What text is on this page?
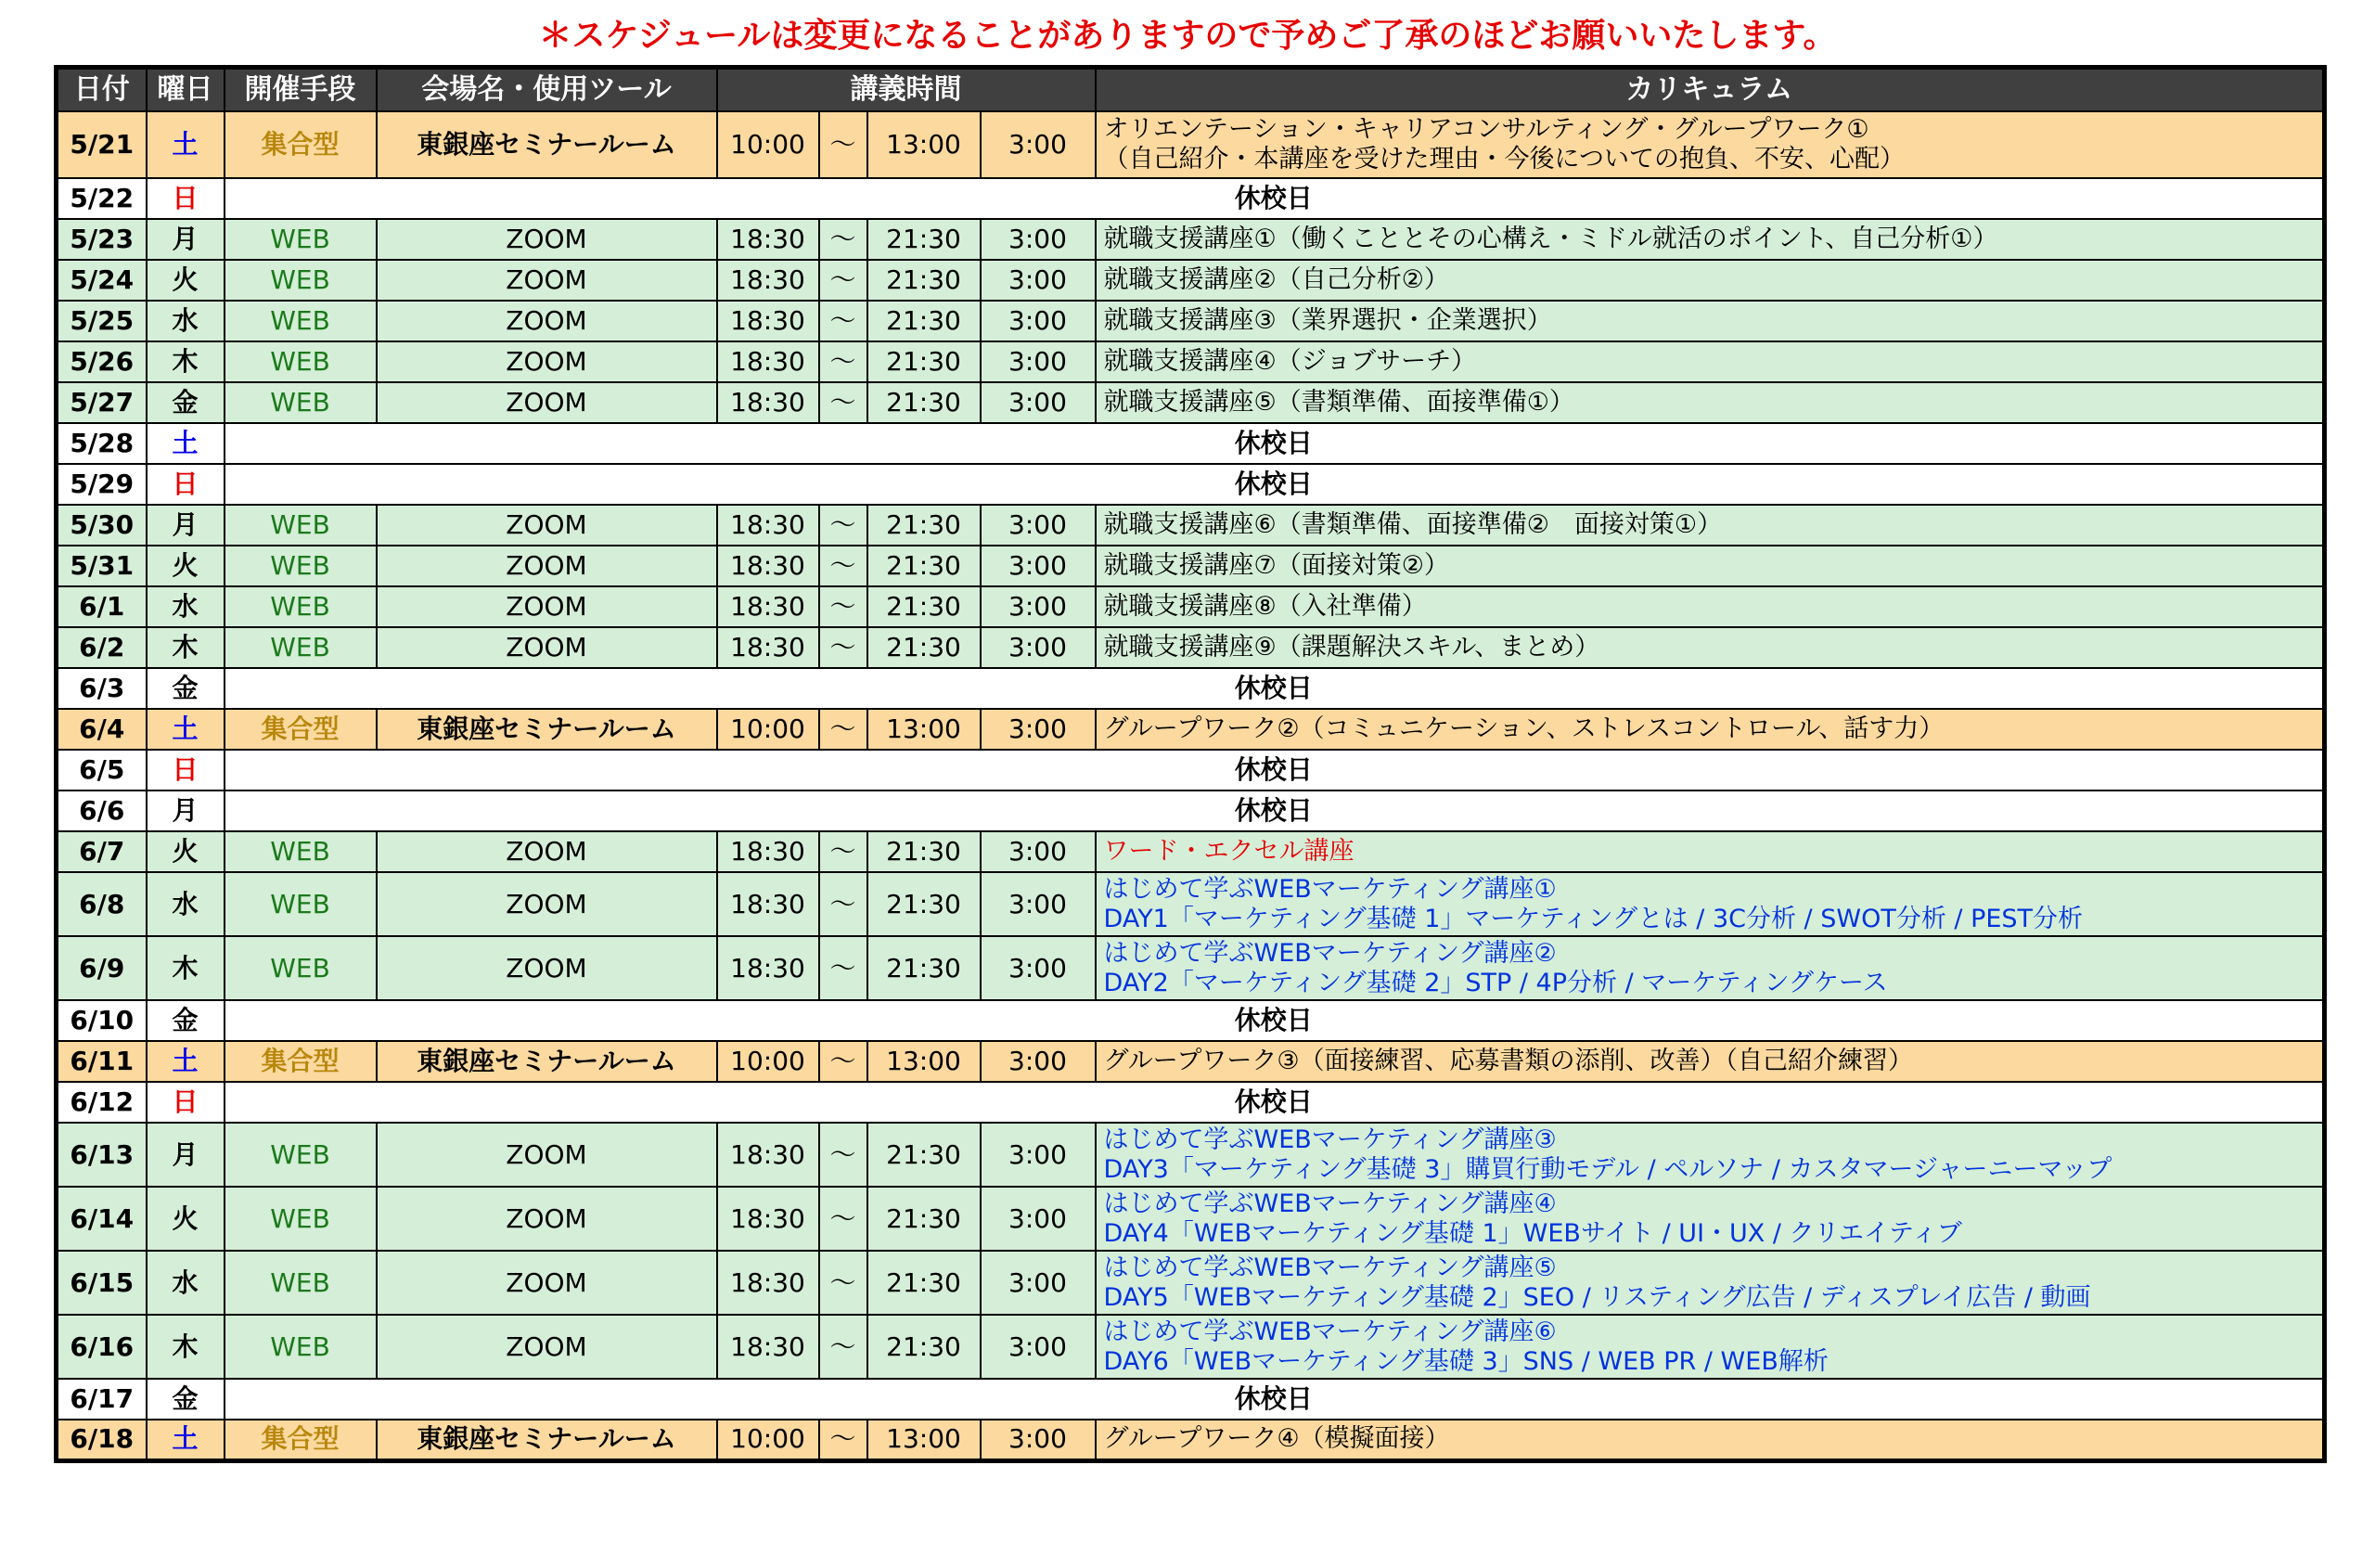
＊スケジュールは変更になることがありますので予めご了承のほどお願いいたします。
日付	曜日	開催手段	会場名・使用ツール	講義時間				カリキュラム
5/21	土	集合型	東銀座セミナールーム	10:00	～	13:00	3:00	オリエンテーション・キャリアコンサルティング・グループワーク①
（自己紹介・本講座を受けた理由・今後についての抱負、不安、心配）

5/22	日	休校日						
5/23	月	WEB	ZOOM	18:30	～	21:30	3:00	就職支援講座①（働くこととその心構え・ミドル就活のポイント、自己分析①）

5/24	火	WEB	ZOOM	18:30	～	21:30	3:00	就職支援講座②（自己分析②）

5/25	水	WEB	ZOOM	18:30	～	21:30	3:00	就職支援講座③（業界選択・企業選択）

5/26	木	WEB	ZOOM	18:30	～	21:30	3:00	就職支援講座④（ジョブサーチ）

5/27	金	WEB	ZOOM	18:30	～	21:30	3:00	就職支援講座⑤（書類準備、面接準備①）

5/28	土	休校日						
5/29	日	休校日						
5/30	月	WEB	ZOOM	18:30	～	21:30	3:00	就職支援講座⑥（書類準備、面接準備②　面接対策①）

5/31	火	WEB	ZOOM	18:30	～	21:30	3:00	就職支援講座⑦（面接対策②）

6/1	水	WEB	ZOOM	18:30	～	21:30	3:00	就職支援講座⑧（入社準備）

6/2	木	WEB	ZOOM	18:30	～	21:30	3:00	就職支援講座⑨（課題解決スキル、まとめ）

6/3	金	休校日						
6/4	土	集合型	東銀座セミナールーム	10:00	～	13:00	3:00	グループワーク②（コミュニケーション、ストレスコントロール、話す力）

6/5	日	休校日						
6/6	月	休校日						
6/7	火	WEB	ZOOM	18:30	～	21:30	3:00	ワード・エクセル講座

6/8	水	WEB	ZOOM	18:30	～	21:30	3:00	はじめて学ぶWEBマーケティング講座①
DAY1「マーケティング基礎 1」マーケティングとは / 3C分析 / SWOT分析 / PEST分析

6/9	木	WEB	ZOOM	18:30	～	21:30	3:00	はじめて学ぶWEBマーケティング講座②
DAY2「マーケティング基礎 2」STP / 4P分析 / マーケティングケース

6/10	金	休校日						
6/11	土	集合型	東銀座セミナールーム	10:00	～	13:00	3:00	グループワーク③（面接練習、応募書類の添削、改善）（自己紹介練習）

6/12	日	休校日						
6/13	月	WEB	ZOOM	18:30	～	21:30	3:00	はじめて学ぶWEBマーケティング講座③
DAY3「マーケティング基礎 3」購買行動モデル / ペルソナ / カスタマージャーニーマップ

6/14	火	WEB	ZOOM	18:30	～	21:30	3:00	はじめて学ぶWEBマーケティング講座④
DAY4「WEBマーケティング基礎 1」WEBサイト / UI・UX / クリエイティブ

6/15	水	WEB	ZOOM	18:30	～	21:30	3:00	はじめて学ぶWEBマーケティング講座⑤
DAY5「WEBマーケティング基礎 2」SEO / リスティング広告 / ディスプレイ広告 / 動画

6/16	木	WEB	ZOOM	18:30	～	21:30	3:00	はじめて学ぶWEBマーケティング講座⑥
DAY6「WEBマーケティング基礎 3」SNS / WEB PR / WEB解析

6/17	金	休校日						
6/18	土	集合型	東銀座セミナールーム	10:00	～	13:00	3:00	グループワーク④（模擬面接）
